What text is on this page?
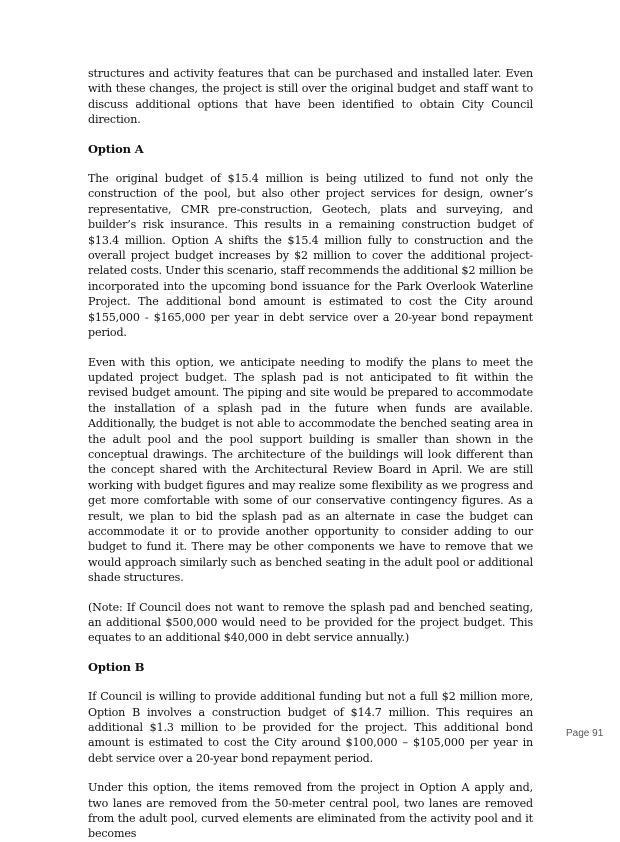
structures and activity features that can be purchased and installed later. Even with these changes, the project is still over the original budget and staff want to discuss additional options that have been identified to obtain City Council direction.

Option A

The original budget of $15.4 million is being utilized to fund not only the construction of the pool, but also other project services for design, owner’s representative, CMR pre-construction, Geotech, plats and surveying, and builder’s risk insurance. This results in a remaining construction budget of $13.4 million. Option A shifts the $15.4 million fully to construction and the overall project budget increases by $2 million to cover the additional project-related costs. Under this scenario, staff recommends the additional $2 million be incorporated into the upcoming bond issuance for the Park Overlook Waterline Project. The additional bond amount is estimated to cost the City around $155,000 - $165,000 per year in debt service over a 20-year bond repayment period.

Even with this option, we anticipate needing to modify the plans to meet the updated project budget. The splash pad is not anticipated to fit within the revised budget amount. The piping and site would be prepared to accommodate the installation of a splash pad in the future when funds are available. Additionally, the budget is not able to accommodate the benched seating area in the adult pool and the pool support building is smaller than shown in the conceptual drawings. The architecture of the buildings will look different than the concept shared with the Architectural Review Board in April. We are still working with budget figures and may realize some flexibility as we progress and get more comfortable with some of our conservative contingency figures. As a result, we plan to bid the splash pad as an alternate in case the budget can accommodate it or to provide another opportunity to consider adding to our budget to fund it. There may be other components we have to remove that we would approach similarly such as benched seating in the adult pool or additional shade structures.

(Note: If Council does not want to remove the splash pad and benched seating, an additional $500,000 would need to be provided for the project budget. This equates to an additional $40,000 in debt service annually.)

Option B

If Council is willing to provide additional funding but not a full $2 million more, Option B involves a construction budget of $14.7 million. This requires an additional $1.3 million to be provided for the project. This additional bond amount is estimated to cost the City around $100,000 – $105,000 per year in debt service over a 20-year bond repayment period.

Under this option, the items removed from the project in Option A apply and, two lanes are removed from the 50-meter central pool, two lanes are removed from the adult pool, curved elements are eliminated from the activity pool and it becomes

Page 91
